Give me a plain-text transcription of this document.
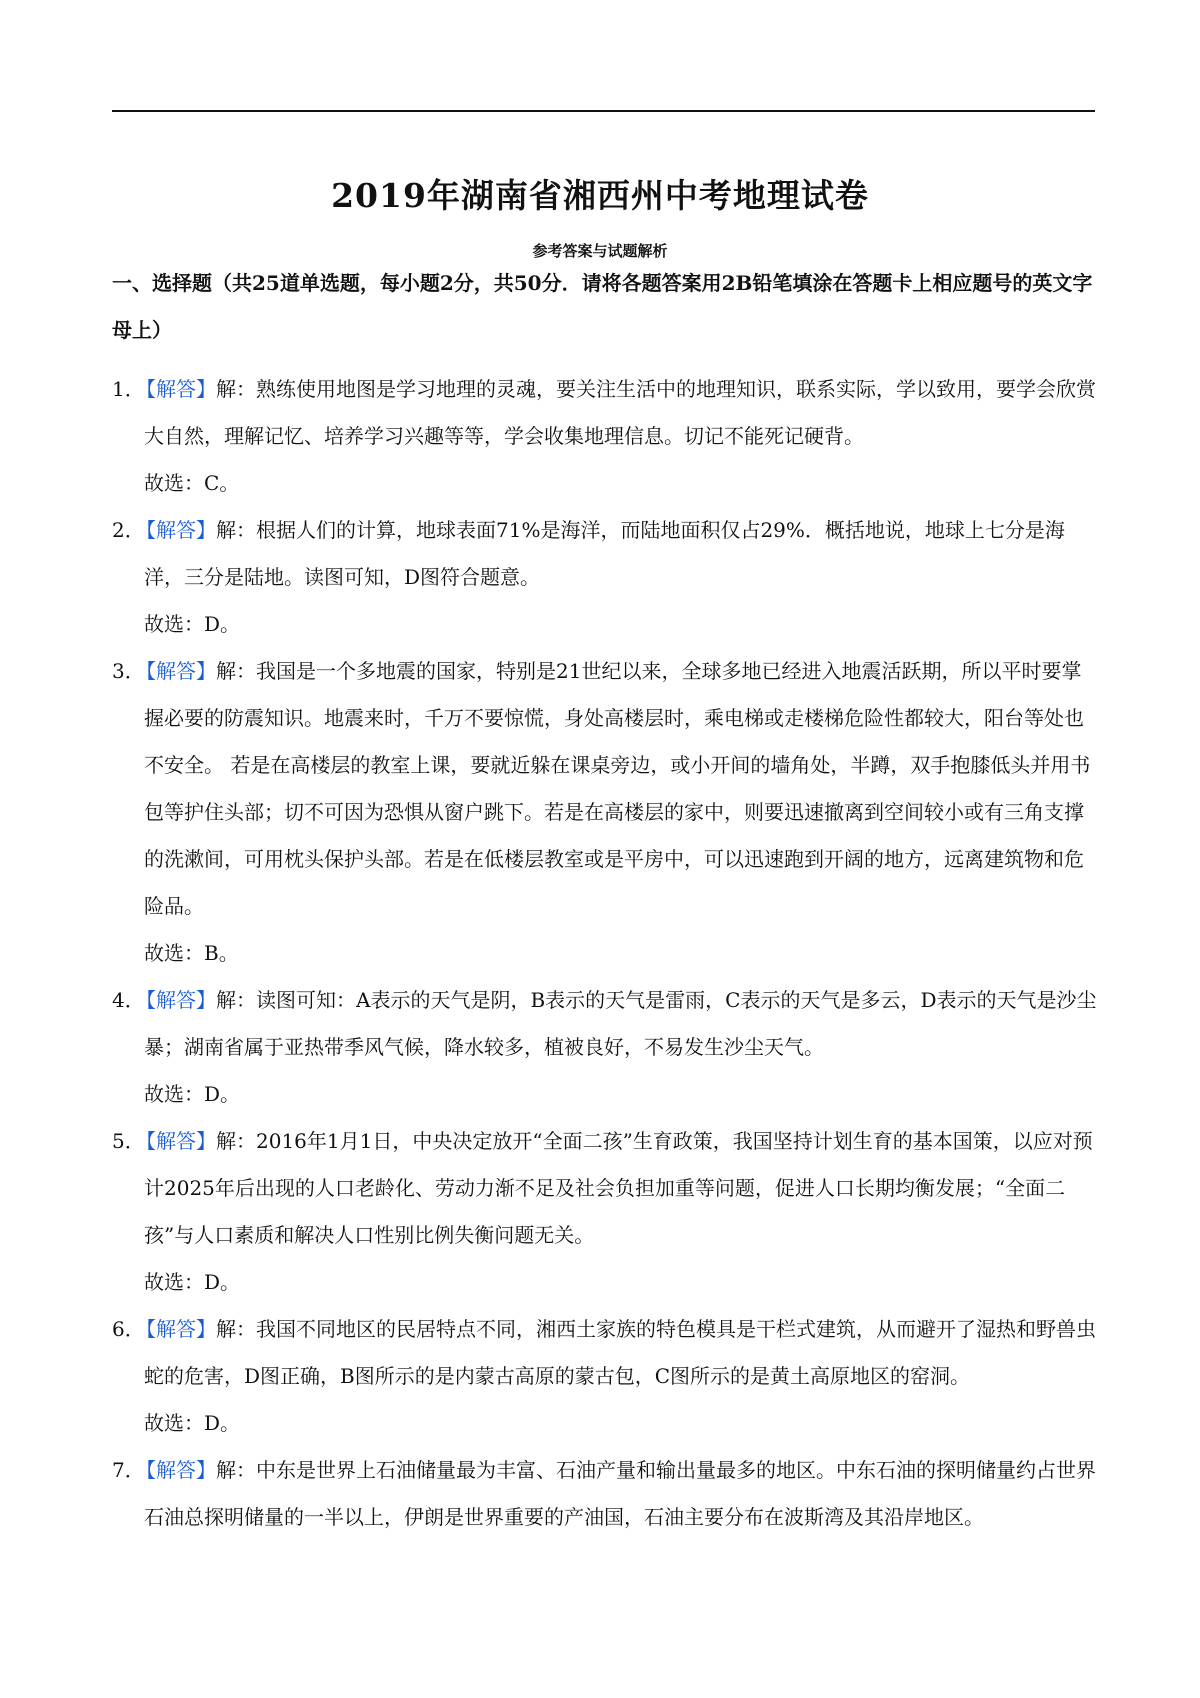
2019年湖南省湘西州中考地理试卷
参考答案与试题解析
一、选择题（共25道单选题，每小题2分，共50分．请将各题答案用2B铅笔填涂在答题卡上相应题号的英文字母上）

1．【解答】解：熟练使用地图是学习地理的灵魂，要关注生活中的地理知识，联系实际，学以致用，要学会欣赏大自然，理解记忆、培养学习兴趣等等，学会收集地理信息。切记不能死记硬背。

故选：C。

2．【解答】解：根据人们的计算，地球表面71%是海洋，而陆地面积仅占29%．概括地说，地球上七分是海洋，三分是陆地。读图可知，D图符合题意。

故选：D。

3．【解答】解：我国是一个多地震的国家，特别是21世纪以来，全球多地已经进入地震活跃期，所以平时要掌握必要的防震知识。地震来时，千万不要惊慌，身处高楼层时，乘电梯或走楼梯危险性都较大，阳台等处也不安全。 若是在高楼层的教室上课，要就近躲在课桌旁边，或小开间的墙角处，半蹲，双手抱膝低头并用书包等护住头部；切不可因为恐惧从窗户跳下。若是在高楼层的家中，则要迅速撤离到空间较小或有三角支撑的洗漱间，可用枕头保护头部。若是在低楼层教室或是平房中，可以迅速跑到开阔的地方，远离建筑物和危险品。

故选：B。

4．【解答】解：读图可知：A表示的天气是阴，B表示的天气是雷雨，C表示的天气是多云，D表示的天气是沙尘暴；湖南省属于亚热带季风气候，降水较多，植被良好，不易发生沙尘天气。

故选：D。

5．【解答】解：2016年1月1日，中央决定放开“全面二孩”生育政策，我国坚持计划生育的基本国策，以应对预计2025年后出现的人口老龄化、劳动力渐不足及社会负担加重等问题，促进人口长期均衡发展；“全面二孩”与人口素质和解决人口性别比例失衡问题无关。

故选：D。

6．【解答】解：我国不同地区的民居特点不同，湘西土家族的特色模具是干栏式建筑，从而避开了湿热和野兽虫蛇的危害，D图正确，B图所示的是内蒙古高原的蒙古包，C图所示的是黄土高原地区的窑洞。

故选：D。

7．【解答】解：中东是世界上石油储量最为丰富、石油产量和输出量最多的地区。中东石油的探明储量约占世界石油总探明储量的一半以上，伊朗是世界重要的产油国，石油主要分布在波斯湾及其沿岸地区。
